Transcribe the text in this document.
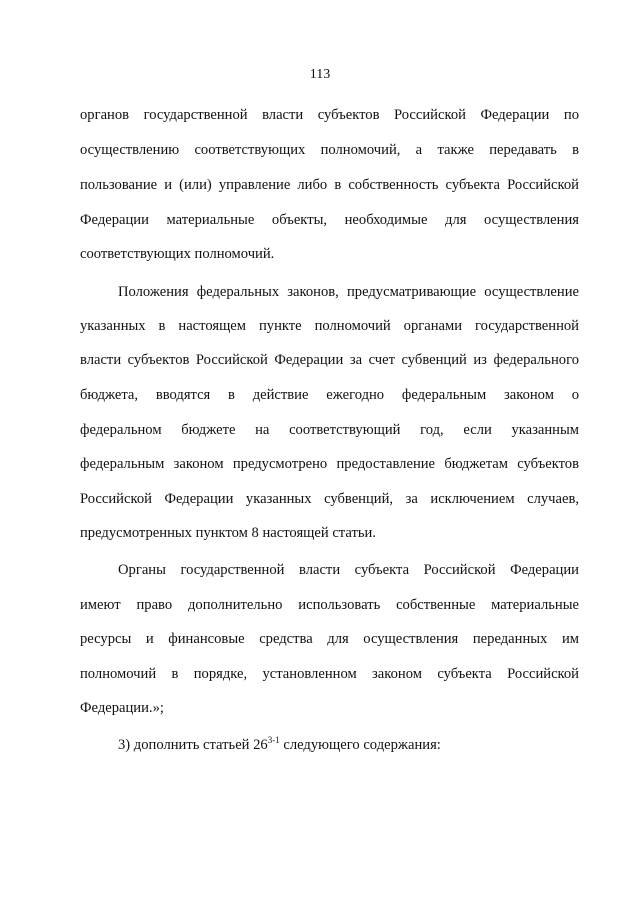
113
органов государственной власти субъектов Российской Федерации по
осуществлению соответствующих полномочий, а также передавать в
пользование и (или) управление либо в собственность субъекта Российской
Федерации материальные объекты, необходимые для осуществления
соответствующих полномочий.
Положения федеральных законов, предусматривающие осуществление
указанных в настоящем пункте полномочий органами государственной
власти субъектов Российской Федерации за счет субвенций из федерального
бюджета, вводятся в действие ежегодно федеральным законом о
федеральном бюджете на соответствующий год, если указанным
федеральным законом предусмотрено предоставление бюджетам субъектов
Российской Федерации указанных субвенций, за исключением случаев,
предусмотренных пунктом 8 настоящей статьи.
Органы государственной власти субъекта Российской Федерации
имеют право дополнительно использовать собственные материальные
ресурсы и финансовые средства для осуществления переданных им
полномочий в порядке, установленном законом субъекта Российской
Федерации.»;
3) дополнить статьей 26$^{3-1}$ следующего содержания:
